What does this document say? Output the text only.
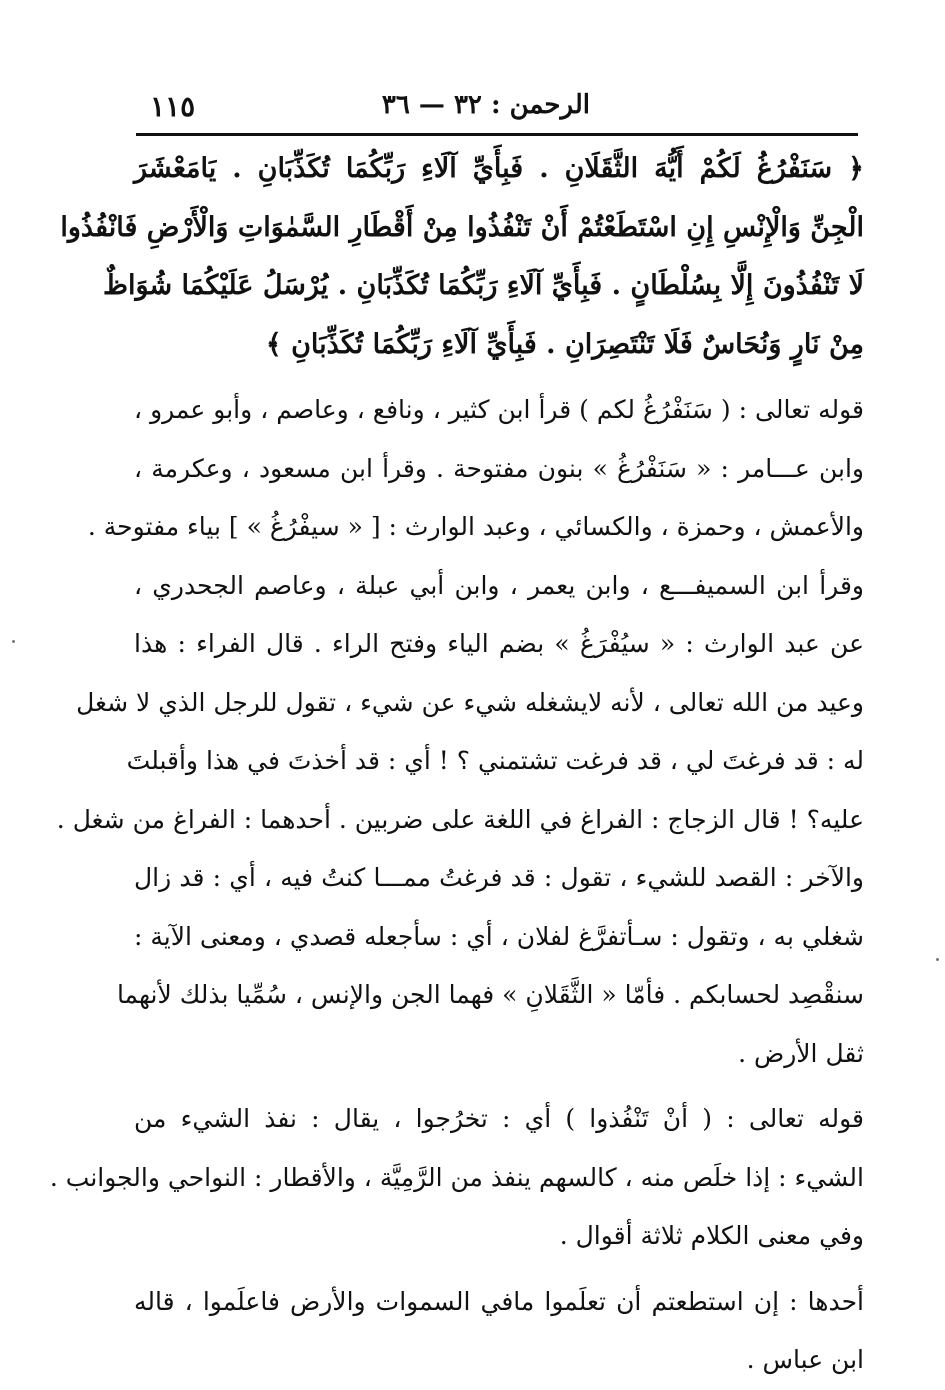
١١٥	الرحمن : ٣٢ — ٣٦
﴿ سَنَفْرُغُ لَكُمْ أَيُّهَ الثَّقَلَانِ . فَبِأَيِّ آلَاءِ رَبِّكُمَا تُكَذِّبَانِ . يَامَعْشَرَ
الْجِنِّ وَالْإِنْسِ إِنِ اسْتَطَعْتُمْ أَنْ تَنْفُذُوا مِنْ أَقْطَارِ السَّمٰوَاتِ وَالْأَرْضِ فَانْفُذُوا
لَا تَنْفُذُونَ إِلَّا بِسُلْطَانٍ . فَبِأَيِّ آلَاءِ رَبِّكُمَا تُكَذِّبَانِ . يُرْسَلُ عَلَيْكُمَا شُوَاظٌ
مِنْ نَارٍ وَنُحَاسٌ فَلَا تَنْتَصِرَانِ . فَبِأَيِّ آلَاءِ رَبِّكُمَا تُكَذِّبَانِ ﴾
قوله تعالى : ( سَنَفْرُغُ لكم ) قرأ ابن كثير ، ونافع ، وعاصم ، وأبو عمرو ،
وابن عـــامر : « سَنَفْرُغُ » بنون مفتوحة . وقرأ ابن مسعود ، وعكرمة ،
والأعمش ، وحمزة ، والكسائي ، وعبد الوارث : [ « سيفْرُغُ » ] بياء مفتوحة .
وقرأ ابن السميفـــع ، وابن يعمر ، وابن أبي عبلة ، وعاصم الجحدري ،
عن عبد الوارث : « سيُفْرَغُ » بضم الياء وفتح الراء . قال الفراء : هذا
وعيد من الله تعالى ، لأنه لايشغله شيء عن شيء ، تقول للرجل الذي لا شغل
له : قد فرغتَ لي ، قد فرغت تشتمني ؟ ! أي : قد أخذتَ في هذا وأقبلتَ
عليه؟ ! قال الزجاج : الفراغ في اللغة على ضربين . أحدهما : الفراغ من شغل .
والآخر : القصد للشيء ، تقول : قد فرغتُ ممـــا كنتُ فيه ، أي : قد زال
شغلي به ، وتقول : سـأتفرَّغ لفلان ، أي : سأجعله قصدي ، ومعنى الآية :
سنقْصِد لحسابكم . فأمّا « الثَّقَلانِ » فهما الجن والإنس ، سُمِّيا بذلك لأنهما
ثقل الأرض .
قوله تعالى : ( أنْ تَنْفُذوا ) أي : تخرُجوا ، يقال : نفذ الشيء من
الشيء : إذا خلَص منه ، كالسهم ينفذ من الرَّمِيَّة ، والأقطار : النواحي والجوانب .
وفي معنى الكلام ثلاثة أقوال .
أحدها : إن استطعتم أن تعلَموا مافي السموات والأرض فاعلَموا ، قاله
ابن عباس .
